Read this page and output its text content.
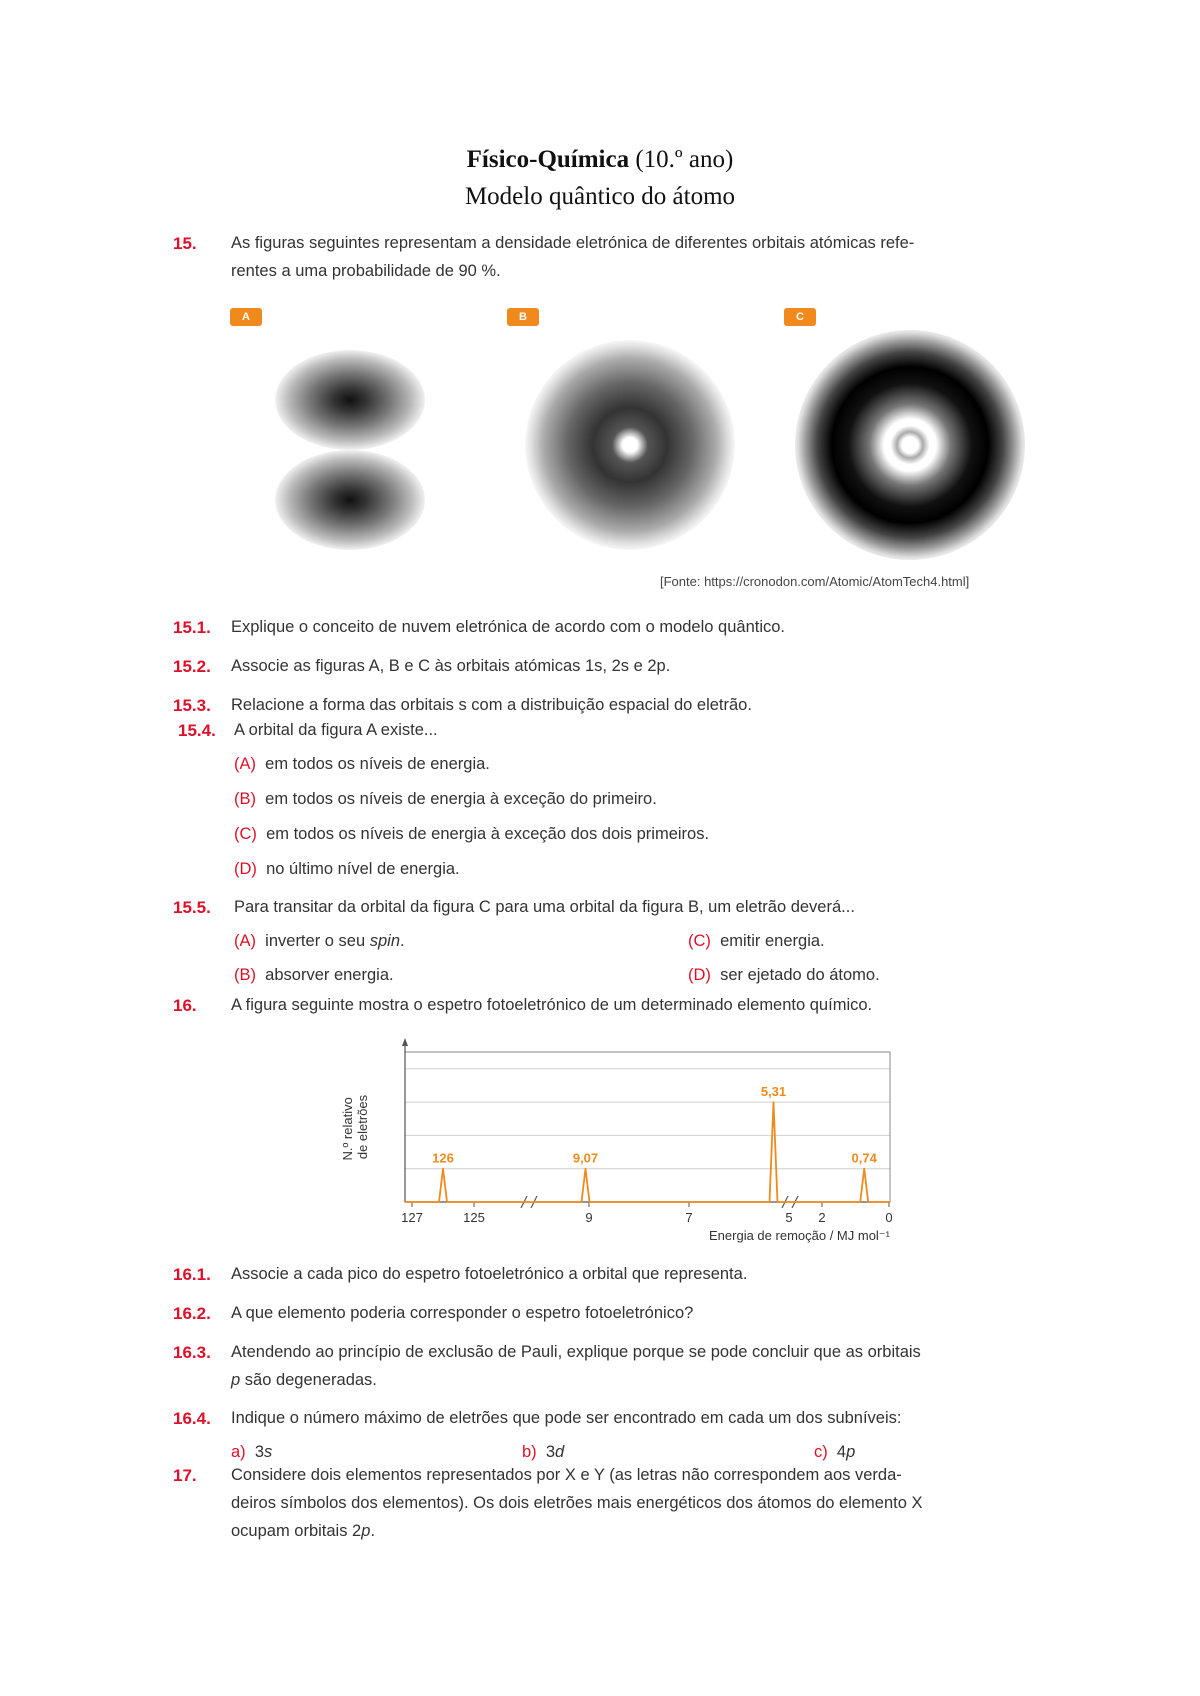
Físico-Química (10.º ano)
Modelo quântico do átomo
15. As figuras seguintes representam a densidade eletrónica de diferentes orbitais atómicas refe-
rentes a uma probabilidade de 90 %.
A	B	C
[Fonte: https://cronodon.com/Atomic/AtomTech4.html]
15.1. Explique o conceito de nuvem eletrónica de acordo com o modelo quântico.
15.2. Associe as figuras A, B e C às orbitais atómicas 1s, 2s e 2p.
15.3. Relacione a forma das orbitais s com a distribuição espacial do eletrão.
15.4. A orbital da figura A existe...
(A) em todos os níveis de energia.
(B) em todos os níveis de energia à exceção do primeiro.
(C) em todos os níveis de energia à exceção dos dois primeiros.
(D) no último nível de energia.
15.5. Para transitar da orbital da figura C para uma orbital da figura B, um eletrão deverá...
(A) inverter o seu spin.	(C) emitir energia.
(B) absorver energia.	(D) ser ejetado do átomo.
16. A figura seguinte mostra o espetro fotoeletrónico de um determinado elemento químico.
126	9,07
5,31
0,74
127	125	9	7	5 2	0
N.º relativo de eletrões
Energia de remoção / MJ mol⁻¹
16.1. Associe a cada pico do espetro fotoeletrónico a orbital que representa.
16.2. A que elemento poderia corresponder o espetro fotoeletrónico?
16.3. Atendendo ao princípio de exclusão de Pauli, explique porque se pode concluir que as orbitais
p são degeneradas.
16.4. Indique o número máximo de eletrões que pode ser encontrado em cada um dos subníveis:
a) 3s	b) 3d	c) 4p
17. Considere dois elementos representados por X e Y (as letras não correspondem aos verda-
deiros símbolos dos elementos). Os dois eletrões mais energéticos dos átomos do elemento X
ocupam orbitais 2p.
